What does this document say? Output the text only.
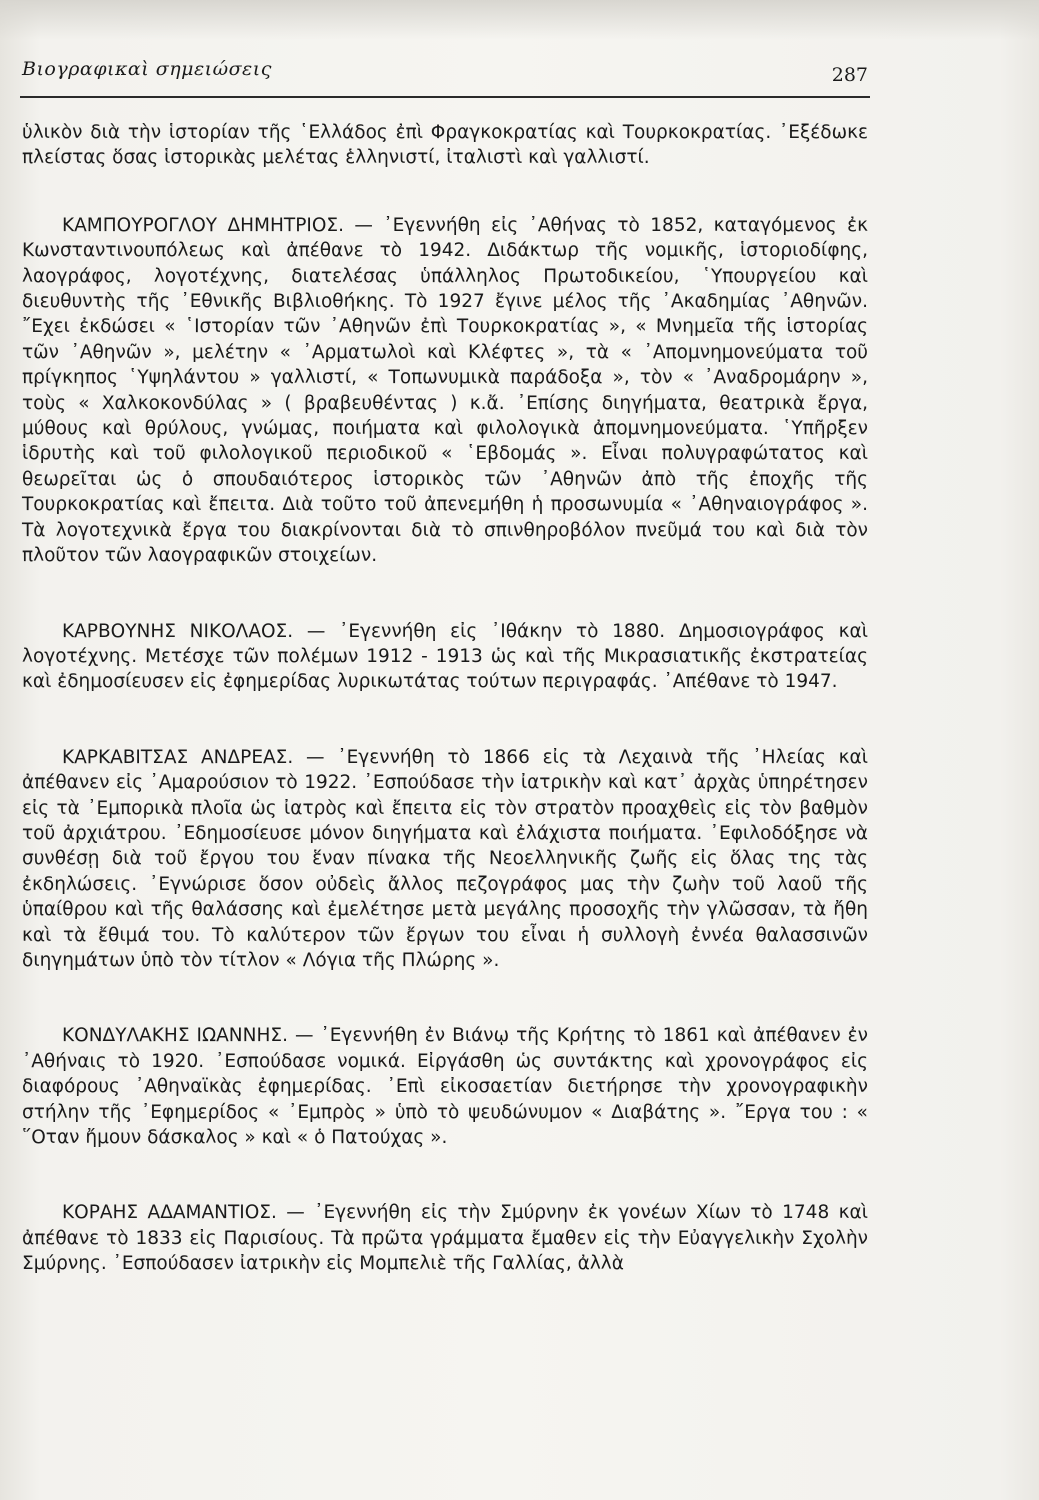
Βιογραφικαὶ σημειώσεις	287

ὑλικὸν διὰ τὴν ἱστορίαν τῆς ῾Ελλάδος ἐπὶ Φραγκοκρατίας καὶ Τουρκοκρατίας. ᾿Εξέδωκε πλείστας ὅσας ἱστορικὰς μελέτας ἑλληνιστί, ἰταλιστὶ καὶ γαλλιστί.

ΚΑΜΠΟΥΡΟΓΛΟΥ ΔΗΜΗΤΡΙΟΣ. — ᾿Εγεννήθη εἰς ᾿Αθήνας τὸ 1852, καταγόμενος ἐκ Κωνσταντινουπόλεως καὶ ἀπέθανε τὸ 1942. Διδάκτωρ τῆς νομικῆς, ἱστοριοδίφης, λαογράφος, λογοτέχνης, διατελέσας ὑπάλληλος Πρωτοδικείου, ῾Υπουργείου καὶ διευθυντὴς τῆς ᾿Εθνικῆς Βιβλιοθήκης. Τὸ 1927 ἔγινε μέλος τῆς ᾿Ακαδημίας ᾿Αθηνῶν. ῎Εχει ἐκδώσει « ῾Ιστορίαν τῶν ᾿Αθηνῶν ἐπὶ Τουρκοκρατίας », « Μνημεῖα τῆς ἱστορίας τῶν ᾿Αθηνῶν », μελέτην « ᾿Αρματωλοὶ καὶ Κλέφτες », τὰ « ᾿Απομνημονεύματα τοῦ πρίγκηπος ῾Υψηλάντου » γαλλιστί, « Τοπωνυμικὰ παράδοξα », τὸν « ᾿Αναδρομάρην », τοὺς « Χαλκοκονδύλας » ( βραβευθέντας ) κ.ἄ. ᾿Επίσης διηγήματα, θεατρικὰ ἔργα, μύθους καὶ θρύλους, γνώμας, ποιήματα καὶ φιλολογικὰ ἀπομνημονεύματα. ῾Υπῆρξεν ἱδρυτὴς καὶ τοῦ φιλολογικοῦ περιοδικοῦ « ῾Εβδομάς ». Εἶναι πολυγραφώτατος καὶ θεωρεῖται ὡς ὁ σπουδαιότερος ἱστορικὸς τῶν ᾿Αθηνῶν ἀπὸ τῆς ἐποχῆς τῆς Τουρκοκρατίας καὶ ἔπειτα. Διὰ τοῦτο τοῦ ἀπενεμήθη ἡ προσωνυμία « ᾿Αθηναιογράφος ». Τὰ λογοτεχνικὰ ἔργα του διακρίνονται διὰ τὸ σπινθηροβόλον πνεῦμά του καὶ διὰ τὸν πλοῦτον τῶν λαογραφικῶν στοιχείων.

ΚΑΡΒΟΥΝΗΣ ΝΙΚΟΛΑΟΣ. — ᾿Εγεννήθη εἰς ᾿Ιθάκην τὸ 1880. Δημοσιογράφος καὶ λογοτέχνης. Μετέσχε τῶν πολέμων 1912 - 1913 ὡς καὶ τῆς Μικρασιατικῆς ἐκστρατείας καὶ ἐδημοσίευσεν εἰς ἐφημερίδας λυρικωτάτας τούτων περιγραφάς. ᾿Απέθανε τὸ 1947.

ΚΑΡΚΑΒΙΤΣΑΣ ΑΝΔΡΕΑΣ. — ᾿Εγεννήθη τὸ 1866 εἰς τὰ Λεχαινὰ τῆς ᾿Ηλείας καὶ ἀπέθανεν εἰς ᾿Αμαρούσιον τὸ 1922. ᾿Εσπούδασε τὴν ἰατρικὴν καὶ κατ᾿ ἀρχὰς ὑπηρέτησεν εἰς τὰ ᾿Εμπορικὰ πλοῖα ὡς ἰατρὸς καὶ ἔπειτα εἰς τὸν στρατὸν προαχθεὶς εἰς τὸν βαθμὸν τοῦ ἀρχιάτρου. ᾿Εδημοσίευσε μόνον διηγήματα καὶ ἐλάχιστα ποιήματα. ᾿Εφιλοδόξησε νὰ συνθέσῃ διὰ τοῦ ἔργου του ἕναν πίνακα τῆς Νεοελληνικῆς ζωῆς εἰς ὅλας της τὰς ἐκδηλώσεις. ᾿Εγνώρισε ὅσον οὐδεὶς ἄλλος πεζογράφος μας τὴν ζωὴν τοῦ λαοῦ τῆς ὑπαίθρου καὶ τῆς θαλάσσης καὶ ἐμελέτησε μετὰ μεγάλης προσοχῆς τὴν γλῶσσαν, τὰ ἤθη καὶ τὰ ἔθιμά του. Τὸ καλύτερον τῶν ἔργων του εἶναι ἡ συλλογὴ ἐννέα θαλασσινῶν διηγημάτων ὑπὸ τὸν τίτλον « Λόγια τῆς Πλώρης ».

ΚΟΝΔΥΛΑΚΗΣ ΙΩΑΝΝΗΣ. — ᾿Εγεννήθη ἐν Βιάνῳ τῆς Κρήτης τὸ 1861 καὶ ἀπέθανεν ἐν ᾿Αθήναις τὸ 1920. ᾿Εσπούδασε νομικά. Εἰργάσθη ὡς συντάκτης καὶ χρονογράφος εἰς διαφόρους ᾿Αθηναϊκὰς ἐφημερίδας. ᾿Επὶ εἰκοσαετίαν διετήρησε τὴν χρονογραφικὴν στήλην τῆς ᾿Εφημερίδος « ᾿Εμπρὸς » ὑπὸ τὸ ψευδώνυμον « Διαβάτης ». ῎Εργα του : « ῞Οταν ἤμουν δάσκαλος » καὶ « ὁ Πατούχας ».

ΚΟΡΑΗΣ ΑΔΑΜΑΝΤΙΟΣ. — ᾿Εγεννήθη εἰς τὴν Σμύρνην ἐκ γονέων Χίων τὸ 1748 καὶ ἀπέθανε τὸ 1833 εἰς Παρισίους. Τὰ πρῶτα γράμματα ἔμαθεν εἰς τὴν Εὐαγγελικὴν Σχολὴν Σμύρνης. ᾿Εσπούδασεν ἰατρικὴν εἰς Μομπελιὲ τῆς Γαλλίας, ἀλλὰ
